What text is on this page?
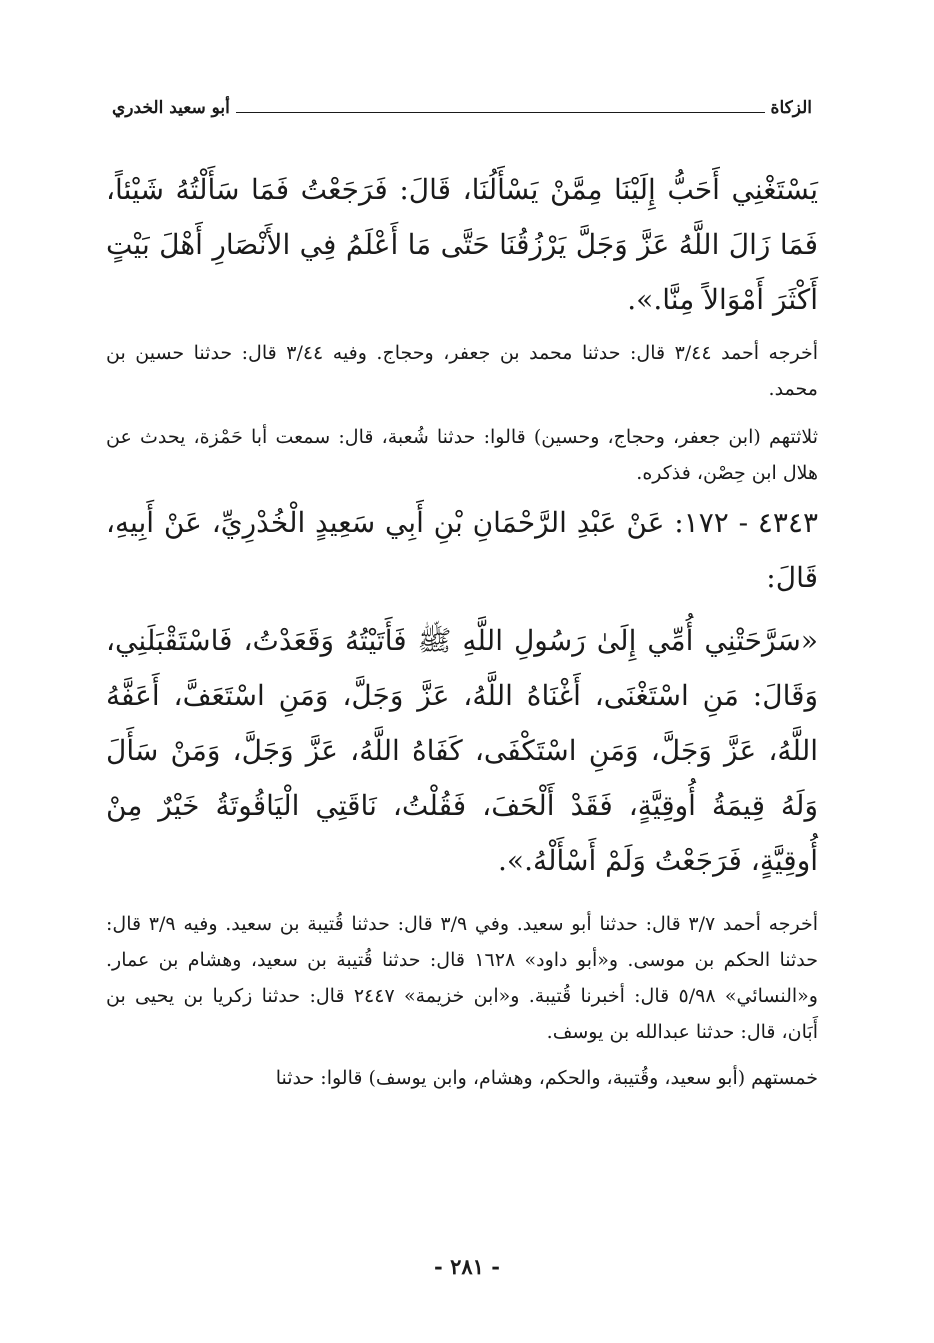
الزكاة
أبو سعيد الخدري

يَسْتَغْنِي أَحَبُّ إِلَيْنَا مِمَّنْ يَسْأَلُنَا، قَالَ: فَرَجَعْتُ فَمَا سَأَلْتُهُ شَيْئاً، فَمَا زَالَ اللَّهُ عَزَّ وَجَلَّ يَرْزُقُنَا حَتَّى مَا أَعْلَمُ فِي الأَنْصَارِ أَهْلَ بَيْتٍ أَكْثَرَ أَمْوَالاً مِنَّا.».

أخرجه أحمد ٣/٤٤ قال: حدثنا محمد بن جعفر، وحجاج. وفيه ٣/٤٤ قال: حدثنا حسين بن محمد.

ثلاثتهم (ابن جعفر، وحجاج، وحسين) قالوا: حدثنا شُعبة، قال: سمعت أبا حَمْزة، يحدث عن هلال ابن حِصْن، فذكره.

٤٣٤٣ - ١٧٢: عَنْ عَبْدِ الرَّحْمَانِ بْنِ أَبِي سَعِيدٍ الْخُدْرِيِّ، عَنْ أَبِيهِ، قَالَ:

«سَرَّحَتْنِي أُمِّي إِلَىٰ رَسُولِ اللَّهِ ﷺ فَأَتَيْتُهُ وَقَعَدْتُ، فَاسْتَقْبَلَنِي، وَقَالَ: مَنِ اسْتَغْنَى، أَغْنَاهُ اللَّهُ، عَزَّ وَجَلَّ، وَمَنِ اسْتَعَفَّ، أَعَفَّهُ اللَّهُ، عَزَّ وَجَلَّ، وَمَنِ اسْتَكْفَى، كَفَاهُ اللَّهُ، عَزَّ وَجَلَّ، وَمَنْ سَأَلَ وَلَهُ قِيمَةُ أُوقِيَّةٍ، فَقَدْ أَلْحَفَ، فَقُلْتُ، نَاقَتِي الْيَاقُوتَةُ خَيْرٌ مِنْ أُوقِيَّةٍ، فَرَجَعْتُ وَلَمْ أَسْأَلْهُ.».

أخرجه أحمد ٣/٧ قال: حدثنا أبو سعيد. وفي ٣/٩ قال: حدثنا قُتيبة بن سعيد. وفيه ٣/٩ قال: حدثنا الحكم بن موسى. و«أبو داود» ١٦٢٨ قال: حدثنا قُتيبة بن سعيد، وهشام بن عمار. و«النسائي» ٥/٩٨ قال: أخبرنا قُتيبة. و«ابن خزيمة» ٢٤٤٧ قال: حدثنا زكريا بن يحيى بن أَبَان، قال: حدثنا عبدالله بن يوسف.

خمستهم (أبو سعيد، وقُتيبة، والحكم، وهشام، وابن يوسف) قالوا: حدثنا

- ٢٨١ -
